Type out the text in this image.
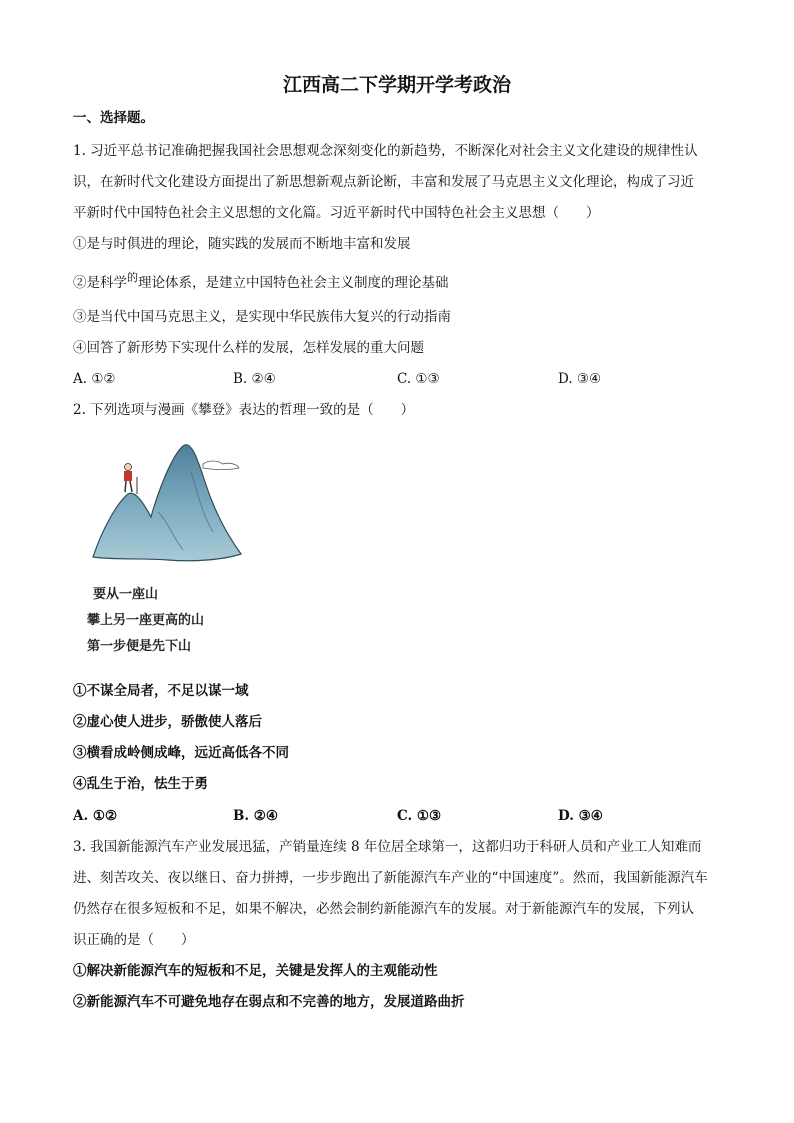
江西高二下学期开学考政治
一、选择题。
1. 习近平总书记准确把握我国社会思想观念深刻变化的新趋势，不断深化对社会主义文化建设的规律性认
识，在新时代文化建设方面提出了新思想新观点新论断，丰富和发展了马克思主义文化理论，构成了习近
平新时代中国特色社会主义思想的文化篇。习近平新时代中国特色社会主义思想（　　）
①是与时俱进的理论，随实践的发展而不断地丰富和发展
②是科学$^的$理论体系，是建立中国特色社会主义制度的理论基础
③是当代中国马克思主义，是实现中华民族伟大复兴的行动指南
④回答了新形势下实现什么样的发展，怎样发展的重大问题
A. ①②	B. ②④	C. ①③	D. ③④
2. 下列选项与漫画《攀登》表达的哲理一致的是（　　）
要从一座山
攀上另一座更高的山
第一步便是先下山
①不谋全局者，不足以谋一域
②虚心使人进步，骄傲使人落后
③横看成岭侧成峰，远近高低各不同
④乱生于治，怯生于勇
A. ①②	B. ②④	C. ①③	D. ③④
3. 我国新能源汽车产业发展迅猛，产销量连续 8 年位居全球第一，这都归功于科研人员和产业工人知难而
进、刻苦攻关、夜以继日、奋力拼搏，一步步跑出了新能源汽车产业的“中国速度”。然而，我国新能源汽车
仍然存在很多短板和不足，如果不解决，必然会制约新能源汽车的发展。对于新能源汽车的发展，下列认
识正确的是（　　）
①解决新能源汽车的短板和不足，关键是发挥人的主观能动性
②新能源汽车不可避免地存在弱点和不完善的地方，发展道路曲折
